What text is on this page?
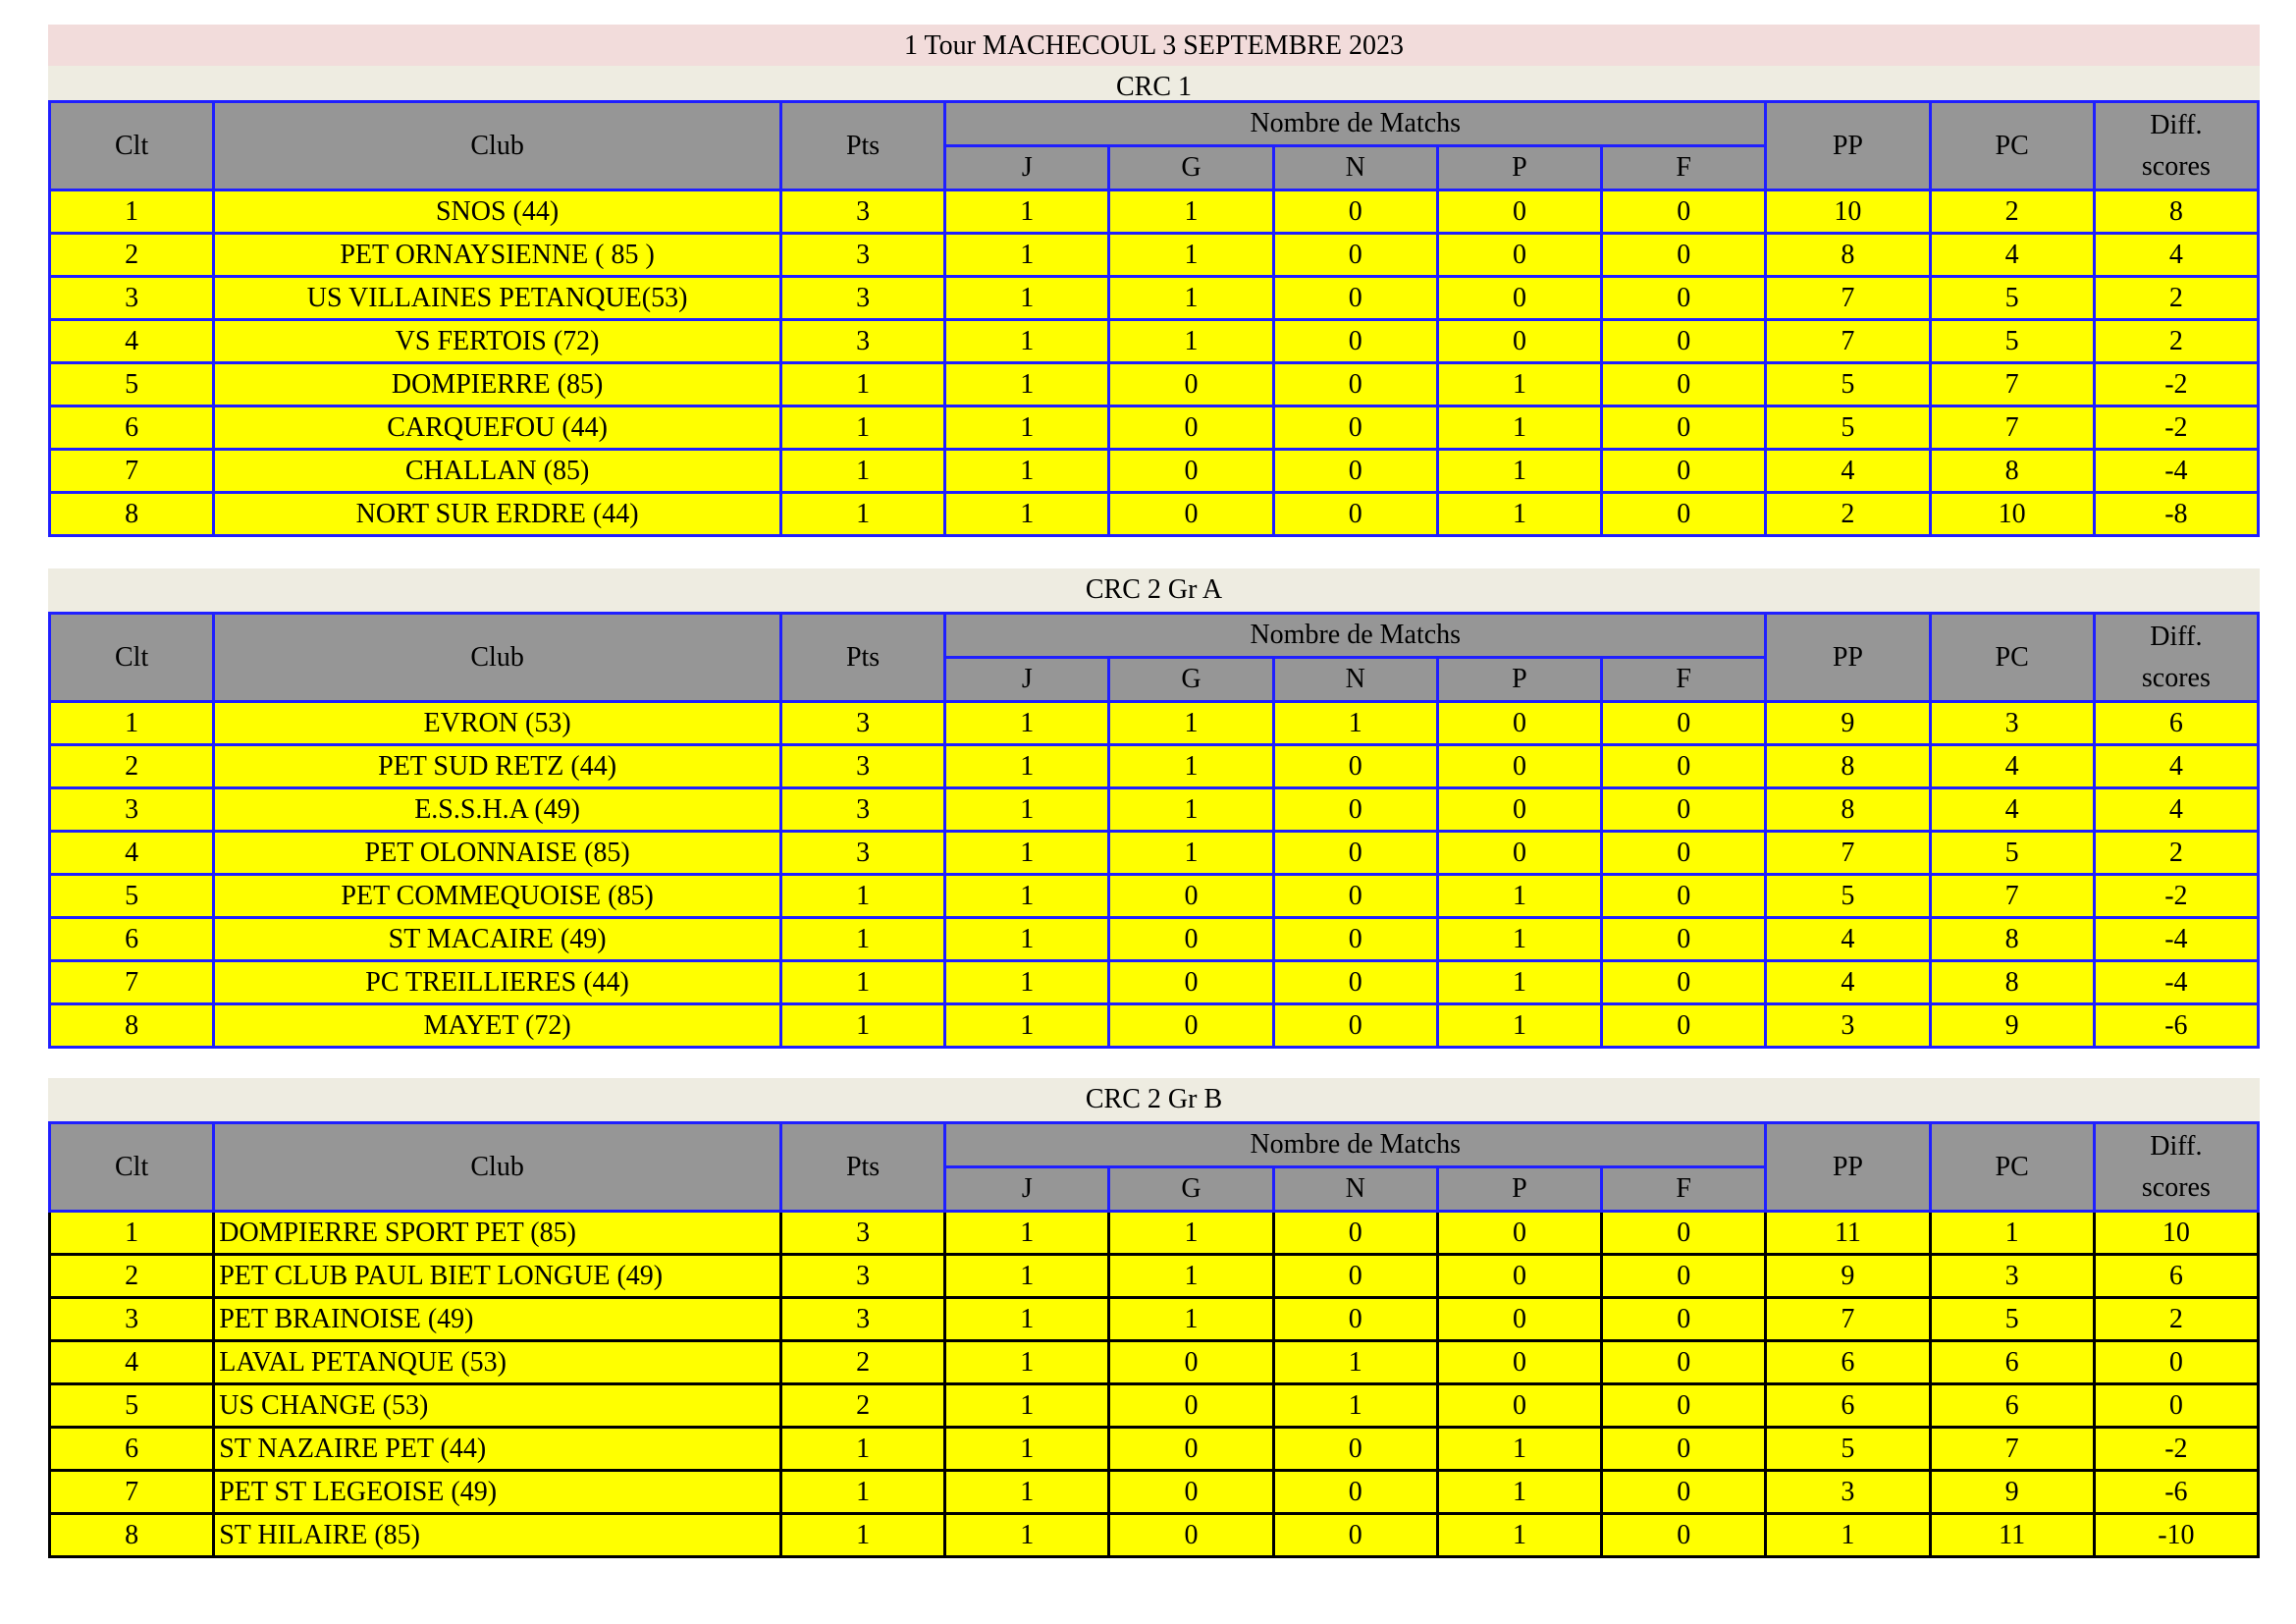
1 Tour MACHECOUL 3 SEPTEMBRE 2023
CRC 1
Clt	Club	Pts	Nombre de Matchs					PP	PC	Diff.
scores

			J	G	N	P	F			
1	SNOS (44)	3	1	1	0	0	0	10	2	8
2	PET ORNAYSIENNE ( 85 )	3	1	1	0	0	0	8	4	4
3	US VILLAINES PETANQUE(53)	3	1	1	0	0	0	7	5	2
4	VS FERTOIS (72)	3	1	1	0	0	0	7	5	2
5	DOMPIERRE (85)	1	1	0	0	1	0	5	7	-2
6	CARQUEFOU (44)	1	1	0	0	1	0	5	7	-2
7	CHALLAN (85)	1	1	0	0	1	0	4	8	-4
8	NORT SUR ERDRE (44)	1	1	0	0	1	0	2	10	-8
CRC 2 Gr A
Clt	Club	Pts	Nombre de Matchs					PP	PC	Diff.
scores

			J	G	N	P	F			
1	EVRON (53)	3	1	1	1	0	0	9	3	6
2	PET SUD RETZ (44)	3	1	1	0	0	0	8	4	4
3	E.S.S.H.A (49)	3	1	1	0	0	0	8	4	4
4	PET OLONNAISE (85)	3	1	1	0	0	0	7	5	2
5	PET COMMEQUOISE (85)	1	1	0	0	1	0	5	7	-2
6	ST MACAIRE (49)	1	1	0	0	1	0	4	8	-4
7	PC TREILLIERES (44)	1	1	0	0	1	0	4	8	-4
8	MAYET (72)	1	1	0	0	1	0	3	9	-6
CRC 2 Gr B
Clt	Club	Pts	Nombre de Matchs					PP	PC	Diff.
scores

			J	G	N	P	F			
1	DOMPIERRE SPORT PET (85)	3	1	1	0	0	0	11	1	10
2	PET CLUB PAUL BIET LONGUE (49)	3	1	1	0	0	0	9	3	6
3	PET BRAINOISE (49)	3	1	1	0	0	0	7	5	2
4	LAVAL PETANQUE (53)	2	1	0	1	0	0	6	6	0
5	US CHANGE (53)	2	1	0	1	0	0	6	6	0
6	ST NAZAIRE PET (44)	1	1	0	0	1	0	5	7	-2
7	PET ST LEGEOISE (49)	1	1	0	0	1	0	3	9	-6
8	ST HILAIRE (85)	1	1	0	0	1	0	1	11	-10
